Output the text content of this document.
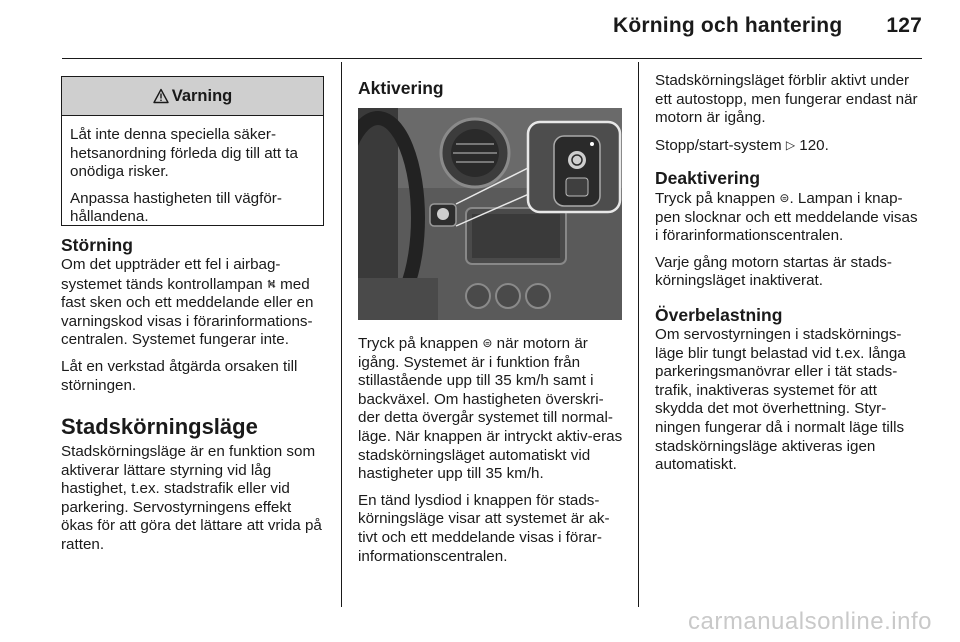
Körning och hantering 127
Varning

Låt inte denna speciella säker-hetsanordning förleda dig till att ta onödiga risker.

Anpassa hastigheten till vägför-hållandena.

Störning

Om det uppträder ett fel i airbag-systemet tänds kontrollampan ⛕ med fast sken och ett meddelande eller en varningskod visas i förarinformations-centralen. Systemet fungerar inte.

Låt en verkstad åtgärda orsaken till störningen.

Stadskörningsläge

Stadskörningsläge är en funktion som aktiverar lättare styrning vid låg hastighet, t.ex. stadstrafik eller vid parkering. Servostyrningens effekt ökas för att göra det lättare att vrida på ratten.

Aktivering

Tryck på knappen ⊜ när motorn är igång. Systemet är i funktion från stillastående upp till 35 km/h samt i backväxel. Om hastigheten överskri-der detta övergår systemet till normal-läge. När knappen är intryckt aktiv-eras stadskörningsläget automatiskt vid hastigheter upp till 35 km/h.

En tänd lysdiod i knappen för stads-körningsläge visar att systemet är ak-tivt och ett meddelande visas i förar-informationscentralen.

Stadskörningsläget förblir aktivt under ett autostopp, men fungerar endast när motorn är igång.

Stopp/start-system ▷ 120.

Deaktivering

Tryck på knappen ⊜. Lampan i knap-pen slocknar och ett meddelande visas i förarinformationscentralen.

Varje gång motorn startas är stads-körningsläget inaktiverat.

Överbelastning

Om servostyrningen i stadskörnings-läge blir tungt belastad vid t.ex. långa parkeringsmanövrar eller i tät stads-trafik, inaktiveras systemet för att skydda det mot överhettning. Styr-ningen fungerar då i normalt läge tills stadskörningsläge aktiveras igen automatiskt.

carmanualsonline.info
